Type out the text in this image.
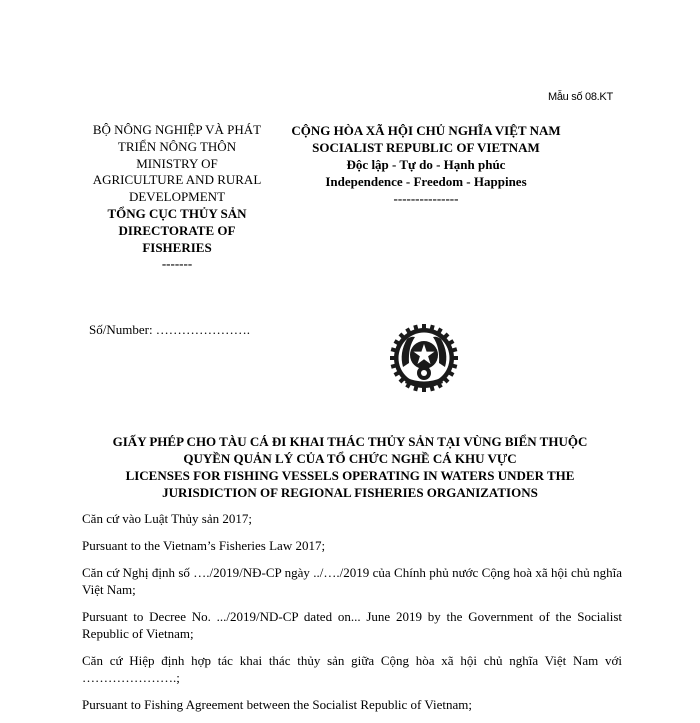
Mẫu số 08.KT
BỘ NÔNG NGHIỆP VÀ PHÁT TRIỂN NÔNG THÔN
MINISTRY OF AGRICULTURE AND RURAL DEVELOPMENT
TỔNG CỤC THỦY SẢN
DIRECTORATE OF FISHERIES
-------
CỘNG HÒA XÃ HỘI CHỦ NGHĨA VIỆT NAM
SOCIALIST REPUBLIC OF VIETNAM
Độc lập - Tự do - Hạnh phúc
Independence - Freedom - Happines
---------------
Số/Number: ………………….
GIẤY PHÉP CHO TÀU CÁ ĐI KHAI THÁC THỦY SẢN TẠI VÙNG BIỂN THUỘC
QUYỀN QUẢN LÝ CỦA TỔ CHỨC NGHỀ CÁ KHU VỰC
LICENSES FOR FISHING VESSELS OPERATING IN WATERS UNDER THE
JURISDICTION OF REGIONAL FISHERIES ORGANIZATIONS

Căn cứ vào Luật Thủy sản 2017;

Pursuant to the Vietnam’s Fisheries Law 2017;

Căn cứ Nghị định số …./2019/NĐ-CP ngày ../…./2019 của Chính phủ nước Cộng hoà xã hội chủ nghĩa Việt Nam;

Pursuant to Decree No. .../2019/ND-CP dated on... June 2019 by the Government of the Socialist Republic of Vietnam;

Căn cứ Hiệp định hợp tác khai thác thủy sản giữa Cộng hòa xã hội chủ nghĩa Việt Nam với ………………….;

Pursuant to Fishing Agreement between the Socialist Republic of Vietnam;
